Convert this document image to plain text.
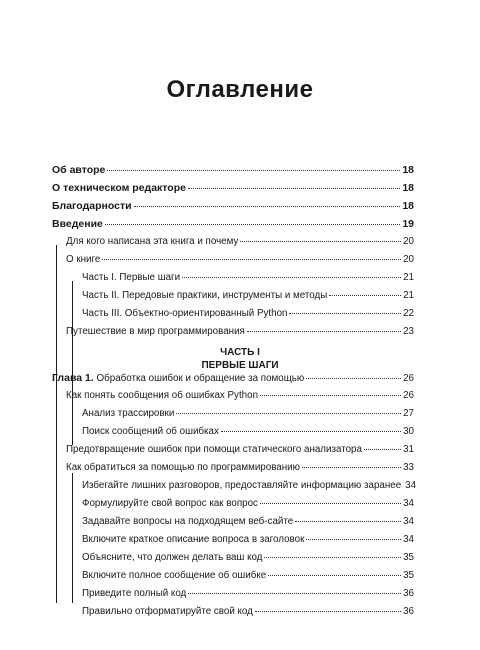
Оглавление
Об авторе	18
О техническом редакторе	18
Благодарности	18
Введение	19
Для кого написана эта книга и почему	20
О книге	20
Часть I. Первые шаги	21
Часть II. Передовые практики, инструменты и методы	21
Часть III. Объектно-ориентированный Python	22
Путешествие в мир программирования	23
ЧАСТЬ I
ПЕРВЫЕ ШАГИ
Глава 1. Обработка ошибок и обращение за помощью	26
Как понять сообщения об ошибках Python	26
Анализ трассировки	27
Поиск сообщений об ошибках	30
Предотвращение ошибок при помощи статического анализатора	31
Как обратиться за помощью по программированию	33
Избегайте лишних разговоров, предоставляйте информацию заранее 34
Формулируйте свой вопрос как вопрос	34
Задавайте вопросы на подходящем веб-сайте	34
Включите краткое описание вопроса в заголовок	34
Объясните, что должен делать ваш код	35
Включите полное сообщение об ошибке	35
Приведите полный код	36
Правильно отформатируйте свой код	36
